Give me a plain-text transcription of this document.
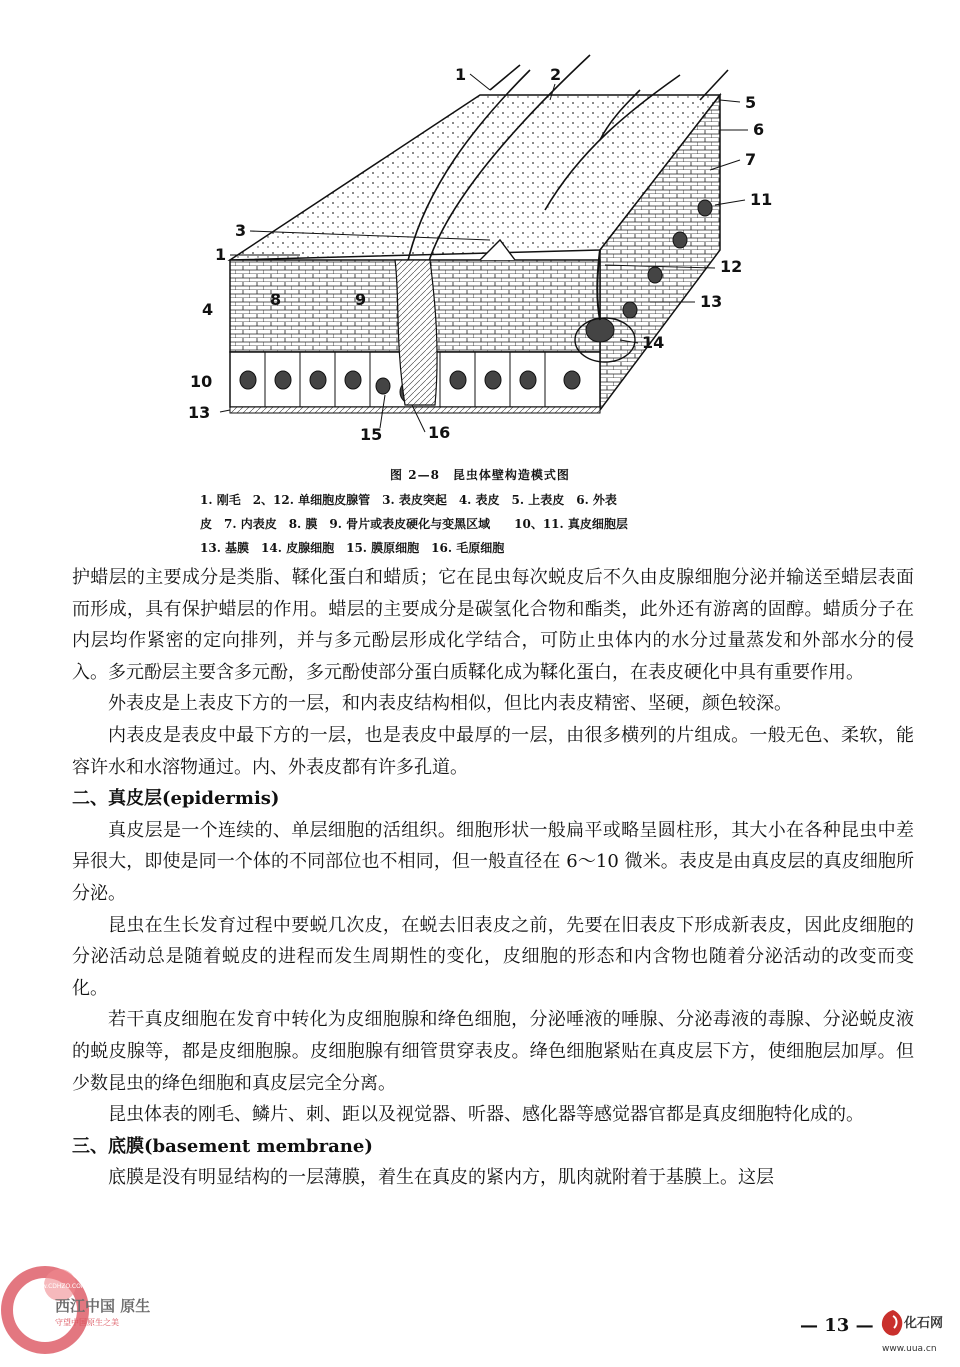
1	2
3
1
4
5
6
7
8	9
10
11
12
13
13
14
15	16
图 2—8　昆虫体壁构造模式图
1. 刚毛　2、12. 单细胞皮腺管　3. 表皮突起　4. 表皮　5. 上表皮　6. 外表
皮　7. 内表皮　8. 膜　9. 骨片或表皮硬化与变黑区域　　10、11. 真皮细胞层
13. 基膜　14. 皮腺细胞　15. 膜原细胞　16. 毛原细胞

护蜡层的主要成分是类脂、鞣化蛋白和蜡质；它在昆虫每次蜕皮后不久由皮腺细胞分泌并输送至蜡层表面而形成，具有保护蜡层的作用。蜡层的主要成分是碳氢化合物和酯类，此外还有游离的固醇。蜡质分子在内层均作紧密的定向排列，并与多元酚层形成化学结合，可防止虫体内的水分过量蒸发和外部水分的侵入。多元酚层主要含多元酚，多元酚使部分蛋白质鞣化成为鞣化蛋白，在表皮硬化中具有重要作用。

外表皮是上表皮下方的一层，和内表皮结构相似，但比内表皮精密、坚硬，颜色较深。

内表皮是表皮中最下方的一层，也是表皮中最厚的一层，由很多横列的片组成。一般无色、柔软，能容许水和水溶物通过。内、外表皮都有许多孔道。

二、真皮层(epidermis)

真皮层是一个连续的、单层细胞的活组织。细胞形状一般扁平或略呈圆柱形，其大小在各种昆虫中差异很大，即使是同一个体的不同部位也不相同，但一般直径在 6～10 微米。表皮是由真皮层的真皮细胞所分泌。

昆虫在生长发育过程中要蜕几次皮，在蜕去旧表皮之前，先要在旧表皮下形成新表皮，因此皮细胞的分泌活动总是随着蜕皮的进程而发生周期性的变化，皮细胞的形态和内含物也随着分泌活动的改变而变化。

若干真皮细胞在发育中转化为皮细胞腺和绛色细胞，分泌唾液的唾腺、分泌毒液的毒腺、分泌蜕皮液的蜕皮腺等，都是皮细胞腺。皮细胞腺有细管贯穿表皮。绛色细胞紧贴在真皮层下方，使细胞层加厚。但少数昆虫的绛色细胞和真皮层完全分离。

昆虫体表的刚毛、鳞片、刺、距以及视觉器、听器、感化器等感觉器官都是真皮细胞特化成的。

三、底膜(basement membrane)

底膜是没有明显结构的一层薄膜，着生在真皮的紧内方，肌肉就附着于基膜上。这层

— 13 —
西江中国 原生
守望中国原生之美
www.CDHZO.COM
化石网
www.uua.cn
